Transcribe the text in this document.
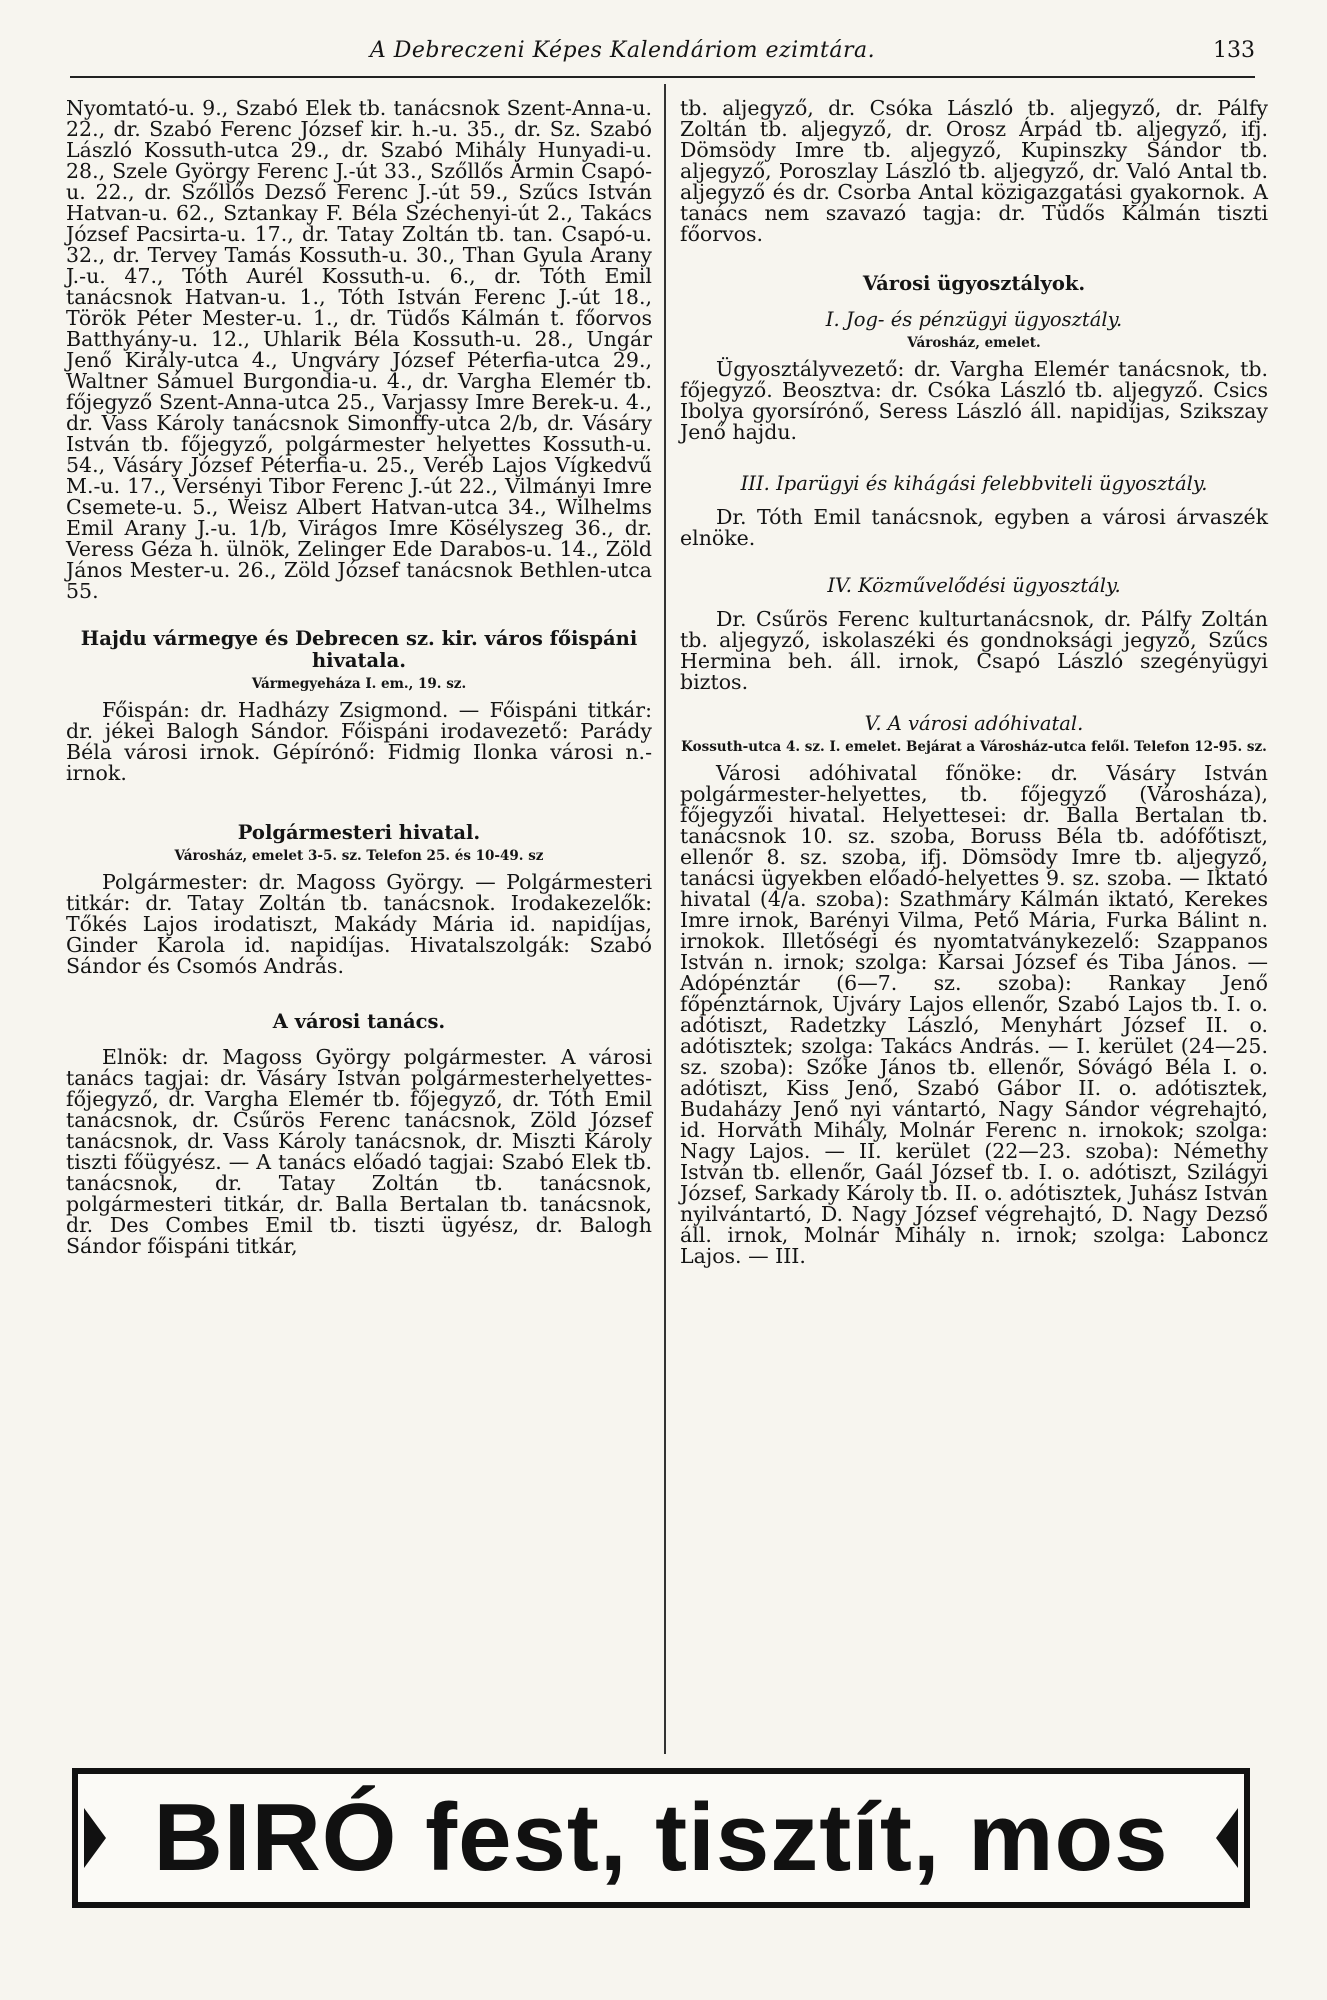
A Debreczeni Képes Kalendáriom ezimtára.	133

Nyomtató-u. 9., Szabó Elek tb. tanácsnok Szent-Anna-u. 22., dr. Szabó Ferenc József kir. h.-u. 35., dr. Sz. Szabó László Kossuth-utca 29., dr. Szabó Mihály Hunyadi-u. 28., Szele György Ferenc J.-út 33., Szőllős Ármin Csapó-u. 22., dr. Szőllős Dezső Ferenc J.-út 59., Szűcs István Hatvan-u. 62., Sztankay F. Béla Széchenyi-út 2., Takács József Pacsirta-u. 17., dr. Tatay Zoltán tb. tan. Csapó-u. 32., dr. Tervey Tamás Kossuth-u. 30., Than Gyula Arany J.-u. 47., Tóth Aurél Kossuth-u. 6., dr. Tóth Emil tanácsnok Hatvan-u. 1., Tóth István Ferenc J.-út 18., Török Péter Mester-u. 1., dr. Tüdős Kálmán t. főorvos Batthyány-u. 12., Uhlarik Béla Kossuth-u. 28., Ungár Jenő Király-utca 4., Ungváry József Péterfia-utca 29., Waltner Sámuel Burgondia-u. 4., dr. Vargha Elemér tb. főjegyző Szent-Anna-utca 25., Varjassy Imre Berek-u. 4., dr. Vass Károly tanácsnok Simonffy-utca 2/b, dr. Vásáry István tb. főjegyző, polgármester helyettes Kossuth-u. 54., Vásáry József Péterfia-u. 25., Veréb Lajos Vígkedvű M.-u. 17., Versényi Tibor Ferenc J.-út 22., Vilmányi Imre Csemete-u. 5., Weisz Albert Hatvan-utca 34., Wilhelms Emil Arany J.-u. 1/b, Virágos Imre Kösélyszeg 36., dr. Veress Géza h. ülnök, Zelinger Ede Darabos-u. 14., Zöld János Mester-u. 26., Zöld József tanácsnok Bethlen-utca 55.

Hajdu vármegye és Debrecen sz. kir. város főispáni hivatala.
Vármegyeháza I. em., 19. sz.

Főispán: dr. Hadházy Zsigmond. — Főispáni titkár: dr. jékei Balogh Sándor. Főispáni irodavezető: Parády Béla városi irnok. Gépírónő: Fidmig Ilonka városi n.-irnok.

Polgármesteri hivatal.
Városház, emelet 3-5. sz. Telefon 25. és 10-49. sz

Polgármester: dr. Magoss György. — Polgármesteri titkár: dr. Tatay Zoltán tb. tanácsnok. Irodakezelők: Tőkés Lajos irodatiszt, Makády Mária id. napidíjas, Ginder Karola id. napidíjas. Hivatalszolgák: Szabó Sándor és Csomós András.

A városi tanács.

Elnök: dr. Magoss György polgármester. A városi tanács tagjai: dr. Vásáry István polgármesterhelyettes-főjegyző, dr. Vargha Elemér tb. főjegyző, dr. Tóth Emil tanácsnok, dr. Csűrös Ferenc tanácsnok, Zöld József tanácsnok, dr. Vass Károly tanácsnok, dr. Miszti Károly tiszti főügyész. — A tanács előadó tagjai: Szabó Elek tb. tanácsnok, dr. Tatay Zoltán tb. tanácsnok, polgármesteri titkár, dr. Balla Bertalan tb. tanácsnok, dr. Des Combes Emil tb. tiszti ügyész, dr. Balogh Sándor főispáni titkár,

tb. aljegyző, dr. Csóka László tb. aljegyző, dr. Pálfy Zoltán tb. aljegyző, dr. Orosz Árpád tb. aljegyző, ifj. Dömsödy Imre tb. aljegyző, Kupinszky Sándor tb. aljegyző, Poroszlay László tb. aljegyző, dr. Való Antal tb. aljegyző és dr. Csorba Antal közigazgatási gyakornok. A tanács nem szavazó tagja: dr. Tüdős Kálmán tiszti főorvos.

Városi ügyosztályok.
I. Jog- és pénzügyi ügyosztály.
Városház, emelet.

Ügyosztályvezető: dr. Vargha Elemér tanácsnok, tb. főjegyző. Beosztva: dr. Csóka László tb. aljegyző. Csics Ibolya gyorsírónő, Seress László áll. napidíjas, Szikszay Jenő hajdu.

III. Iparügyi és kihágási felebbviteli ügyosztály.

Dr. Tóth Emil tanácsnok, egyben a városi árvaszék elnöke.

IV. Közművelődési ügyosztály.

Dr. Csűrös Ferenc kulturtanácsnok, dr. Pálfy Zoltán tb. aljegyző, iskolaszéki és gondnoksági jegyző, Szűcs Hermina beh. áll. irnok, Csapó László szegényügyi biztos.

V. A városi adóhivatal.
Kossuth-utca 4. sz. I. emelet. Bejárat a Városház-utca felől. Telefon 12-95. sz.

Városi adóhivatal főnöke: dr. Vásáry István polgármester-helyettes, tb. főjegyző (Városháza), főjegyzői hivatal. Helyettesei: dr. Balla Bertalan tb. tanácsnok 10. sz. szoba, Boruss Béla tb. adófőtiszt, ellenőr 8. sz. szoba, ifj. Dömsödy Imre tb. aljegyző, tanácsi ügyekben előadó-helyettes 9. sz. szoba. — Iktató hivatal (4/a. szoba): Szathmáry Kálmán iktató, Kerekes Imre irnok, Barényi Vilma, Pető Mária, Furka Bálint n. irnokok. Illetőségi és nyomtatványkezelő: Szappanos István n. irnok; szolga: Karsai József és Tiba János. — Adópénztár (6—7. sz. szoba): Rankay Jenő főpénztárnok, Ujváry Lajos ellenőr, Szabó Lajos tb. I. o. adótiszt, Radetzky László, Menyhárt József II. o. adótisztek; szolga: Takács András. — I. kerület (24—25. sz. szoba): Szőke János tb. ellenőr, Sóvágó Béla I. o. adótiszt, Kiss Jenő, Szabó Gábor II. o. adótisztek, Budaházy Jenő nyi vántartó, Nagy Sándor végrehajtó, id. Horváth Mihály, Molnár Ferenc n. irnokok; szolga: Nagy Lajos. — II. kerület (22—23. szoba): Némethy István tb. ellenőr, Gaál József tb. I. o. adótiszt, Szilágyi József, Sarkady Károly tb. II. o. adótisztek, Juhász István nyilvántartó, D. Nagy József végrehajtó, D. Nagy Dezső áll. irnok, Molnár Mihály n. irnok; szolga: Laboncz Lajos. — III.

BIRÓ fest, tisztít, mos
